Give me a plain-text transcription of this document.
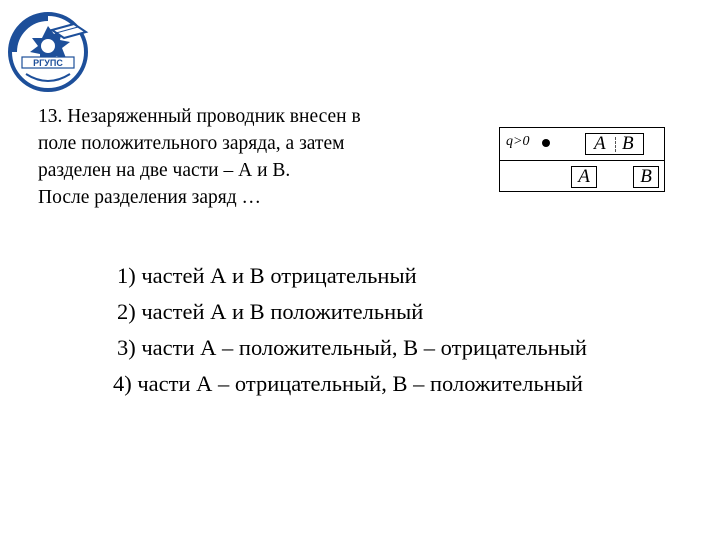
РГУПС
13. Незаряженный проводник внесен в
поле положительного заряда, а затем
разделен на две части – А и В.
После разделения заряд …
q>0	A B
A	B
1) частей А и В отрицательный
2) частей А и В положительный
3) части А – положительный, В – отрицательный
4) части А – отрицательный, В – положительный
